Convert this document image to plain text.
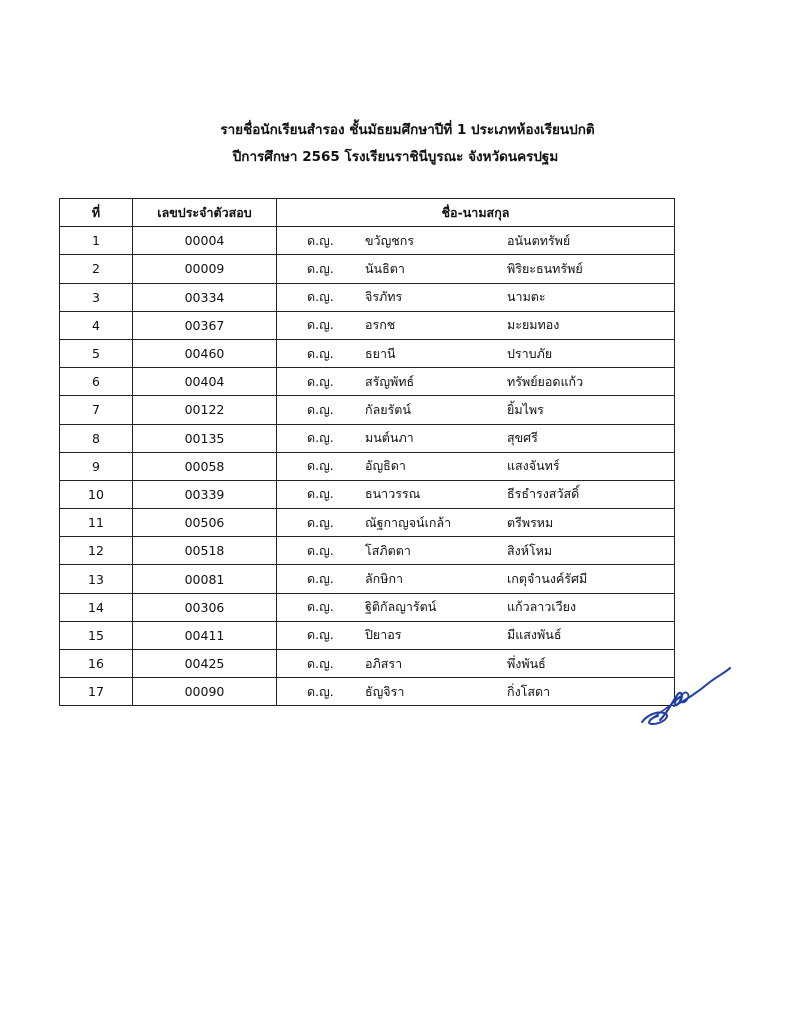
รายชื่อนักเรียนสำรอง ชั้นมัธยมศึกษาปีที่ 1 ประเภทห้องเรียนปกติ
ปีการศึกษา 2565 โรงเรียนราชินีบูรณะ จังหวัดนครปฐม
ที่	เลขประจำตัวสอบ	ชื่อ-นามสกุล
1	00004	ด.ญ. ขวัญชกร อนันตทรัพย์

2	00009	ด.ญ. นันธิตา พิริยะธนทรัพย์

3	00334	ด.ญ. จิรภัทร นามตะ

4	00367	ด.ญ. อรกช มะยมทอง

5	00460	ด.ญ. ธยานี ปราบภัย

6	00404	ด.ญ. สรัญพัทธ์ ทรัพย์ยอดแก้ว

7	00122	ด.ญ. กัลยรัตน์ ยิ้มไพร

8	00135	ด.ญ. มนต์นภา สุขศรี

9	00058	ด.ญ. อัญธิดา แสงจันทร์

10	00339	ด.ญ. ธนาวรรณ ธีรธำรงสวัสดิ์

11	00506	ด.ญ. ณัฐกาญจน์เกล้า ตรีพรหม

12	00518	ด.ญ. โสภิตตา สิงห์โหม

13	00081	ด.ญ. ลักษิกา เกตุจำนงค์รัศมี

14	00306	ด.ญ. ฐิติกัลญารัตน์ แก้วลาวเวียง

15	00411	ด.ญ. ปิยาอร มีแสงพันธ์

16	00425	ด.ญ. อภิสรา พึ่งพันธ์

17	00090	ด.ญ. ธัญจิรา กิ่งโสดา
